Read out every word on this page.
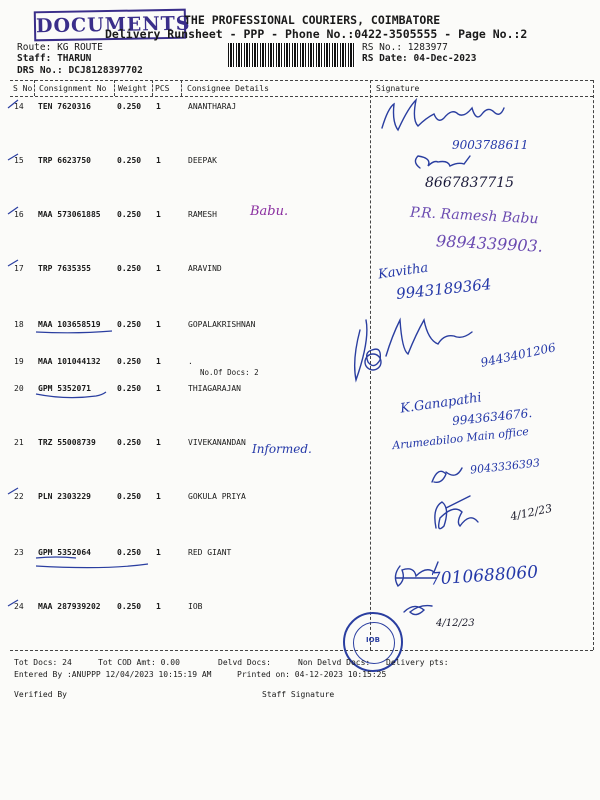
DOCUMENTS
THE PROFESSIONAL COURIERS, COIMBATORE
Delivery Runsheet - PPP - Phone No.:0422-3505555 - Page No.:2
Route: KG ROUTE
Staff: THARUN
DRS No.: DCJ8128397702
RS No.: 1283977
RS Date: 04-Dec-2023
S No Consignment No Weight PCS Consignee Details	Signature
14 TEN 7620316	0.250 1	ANANTHARAJ
15 TRP 6623750	0.250 1	DEEPAK
16 MAA 573061885 0.250 1	RAMESH
17 TRP 7635355	0.250 1	ARAVIND
18 MAA 103658519 0.250 1	GOPALAKRISHNAN
19 MAA 101044132 0.250 1	.
20 GPM 5352071	0.250 1	THIAGARAJAN
21 TRZ 55008739	0.250 1	VIVEKANANDAN
22 PLN 2303229	0.250 1	GOKULA PRIYA
23 GPM 5352064	0.250 1	RED GIANT
24 MAA 287939202 0.250 1	IOB
No.Of Docs: 2
9003788611
8667837715
Babu.	P.R. Ramesh Babu
9894339903.
Kavitha
9943189364
9443401206
K.Ganapathi
9943634676.
Informed.	Arumeabiloo Main office
9043336393
4/12/23
7010688060
4/12/23
IOB
Tot Docs: 24	Tot COD Amt: 0.00	Delvd Docs:	Non Delvd Docs: Delivery pts:
Entered By :ANUPPP 12/04/2023 10:15:19 AM	Printed on: 04-12-2023 10:15:25
Verified By	Staff Signature
